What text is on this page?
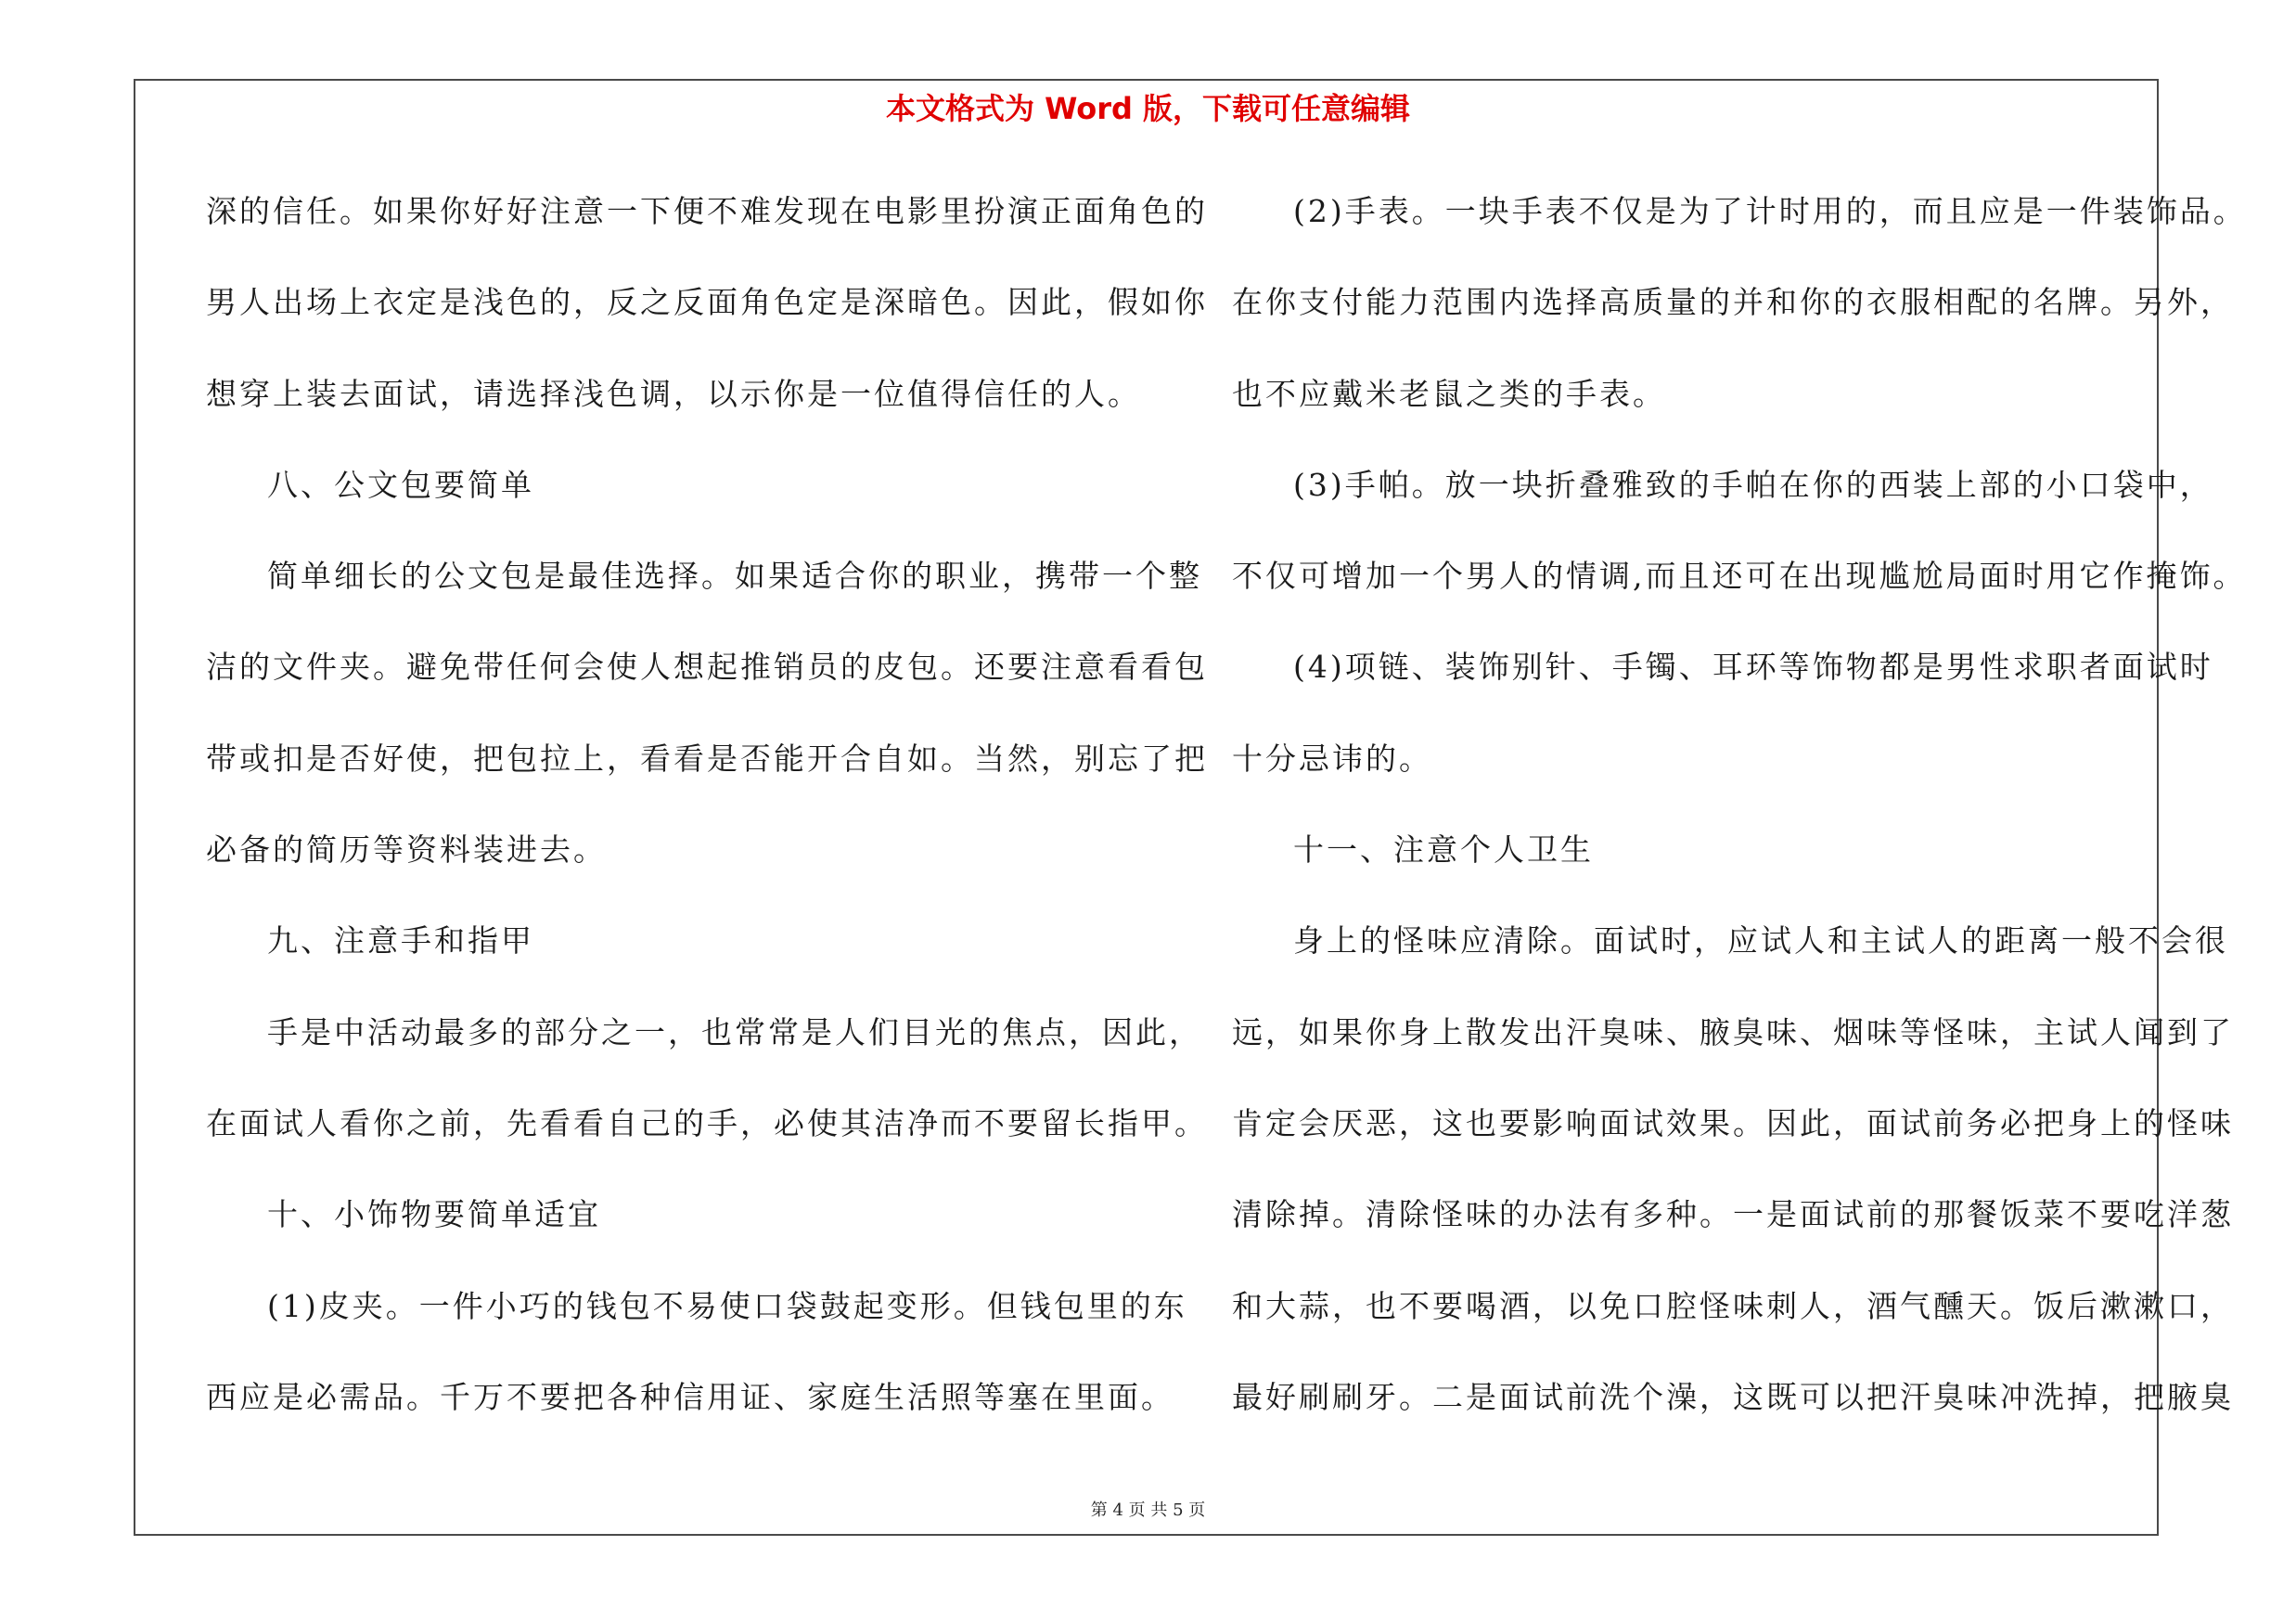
本文格式为 Word 版，下载可任意编辑
深的信任。如果你好好注意一下便不难发现在电影里扮演正面角色的
男人出场上衣定是浅色的，反之反面角色定是深暗色。因此，假如你
想穿上装去面试，请选择浅色调，以示你是一位值得信任的人。
八、公文包要简单
简单细长的公文包是最佳选择。如果适合你的职业，携带一个整
洁的文件夹。避免带任何会使人想起推销员的皮包。还要注意看看包
带或扣是否好使，把包拉上，看看是否能开合自如。当然，别忘了把
必备的简历等资料装进去。
九、注意手和指甲
手是中活动最多的部分之一，也常常是人们目光的焦点，因此，
在面试人看你之前，先看看自己的手，必使其洁净而不要留长指甲。
十、小饰物要简单适宜
(1)皮夹。一件小巧的钱包不易使口袋鼓起变形。但钱包里的东
西应是必需品。千万不要把各种信用证、家庭生活照等塞在里面。
(2)手表。一块手表不仅是为了计时用的，而且应是一件装饰品。
在你支付能力范围内选择高质量的并和你的衣服相配的名牌。另外，
也不应戴米老鼠之类的手表。
(3)手帕。放一块折叠雅致的手帕在你的西装上部的小口袋中，
不仅可增加一个男人的情调,而且还可在出现尴尬局面时用它作掩饰。
(4)项链、装饰别针、手镯、耳环等饰物都是男性求职者面试时
十分忌讳的。
十一、注意个人卫生
身上的怪味应清除。面试时，应试人和主试人的距离一般不会很
远，如果你身上散发出汗臭味、腋臭味、烟味等怪味，主试人闻到了
肯定会厌恶，这也要影响面试效果。因此，面试前务必把身上的怪味
清除掉。清除怪味的办法有多种。一是面试前的那餐饭菜不要吃洋葱
和大蒜，也不要喝酒，以免口腔怪味刺人，酒气醺天。饭后漱漱口，
最好刷刷牙。二是面试前洗个澡，这既可以把汗臭味冲洗掉，把腋臭
第 4 页 共 5 页
